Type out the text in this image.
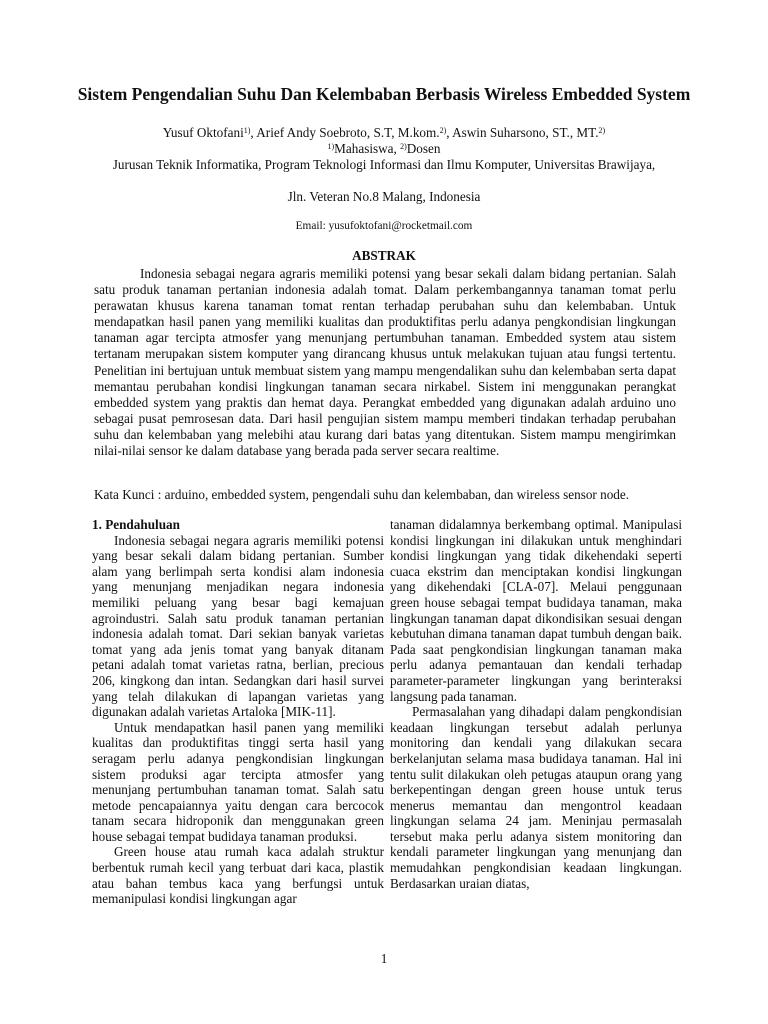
Sistem Pengendalian Suhu Dan Kelembaban Berbasis Wireless Embedded System
Yusuf Oktofani$^{1)}$, Arief Andy Soebroto, S.T, M.kom.$^{2)}$, Aswin Suharsono, ST., MT.$^{2)}$
$^{1)}$Mahasiswa, $^{2)}$Dosen
Jurusan Teknik Informatika, Program Teknologi Informasi dan Ilmu Komputer, Universitas Brawijaya,
Jln. Veteran No.8 Malang, Indonesia
Email: yusufoktofani@rocketmail.com
ABSTRAK
Indonesia sebagai negara agraris memiliki potensi yang besar sekali dalam bidang pertanian. Salah satu produk tanaman pertanian indonesia adalah tomat. Dalam perkembangannya tanaman tomat perlu perawatan khusus karena tanaman tomat rentan terhadap perubahan suhu dan kelembaban. Untuk mendapatkan hasil panen yang memiliki kualitas dan produktifitas perlu adanya pengkondisian lingkungan tanaman agar tercipta atmosfer yang menunjang pertumbuhan tanaman. Embedded system atau sistem tertanam merupakan sistem komputer yang dirancang khusus untuk melakukan tujuan atau fungsi tertentu. Penelitian ini bertujuan untuk membuat sistem yang mampu mengendalikan suhu dan kelembaban serta dapat memantau perubahan kondisi lingkungan tanaman secara nirkabel. Sistem ini menggunakan perangkat embedded system yang praktis dan hemat daya. Perangkat embedded yang digunakan adalah arduino uno sebagai pusat pemrosesan data. Dari hasil pengujian sistem mampu memberi tindakan terhadap perubahan suhu dan kelembaban yang melebihi atau kurang dari batas yang ditentukan. Sistem mampu mengirimkan nilai-nilai sensor ke dalam database yang berada pada server secara realtime.
Kata Kunci : arduino, embedded system, pengendali suhu dan kelembaban, dan wireless sensor node.
1. Pendahuluan

Indonesia sebagai negara agraris memiliki potensi yang besar sekali dalam bidang pertanian. Sumber alam yang berlimpah serta kondisi alam indonesia yang menunjang menjadikan negara indonesia memiliki peluang yang besar bagi kemajuan agroindustri. Salah satu produk tanaman pertanian indonesia adalah tomat. Dari sekian banyak varietas tomat yang ada jenis tomat yang banyak ditanam petani adalah tomat varietas ratna, berlian, precious 206, kingkong dan intan. Sedangkan dari hasil survei yang telah dilakukan di lapangan varietas yang digunakan adalah varietas Artaloka [MIK-11].

Untuk mendapatkan hasil panen yang memiliki kualitas dan produktifitas tinggi serta hasil yang seragam perlu adanya pengkondisian lingkungan sistem produksi agar tercipta atmosfer yang menunjang pertumbuhan tanaman tomat. Salah satu metode pencapaiannya yaitu dengan cara bercocok tanam secara hidroponik dan menggunakan green house sebagai tempat budidaya tanaman produksi.

Green house atau rumah kaca adalah struktur berbentuk rumah kecil yang terbuat dari kaca, plastik atau bahan tembus kaca yang berfungsi untuk memanipulasi kondisi lingkungan agar

tanaman didalamnya berkembang optimal. Manipulasi kondisi lingkungan ini dilakukan untuk menghindari kondisi lingkungan yang tidak dikehendaki seperti cuaca ekstrim dan menciptakan kondisi lingkungan yang dikehendaki [CLA-07]. Melaui penggunaan green house sebagai tempat budidaya tanaman, maka lingkungan tanaman dapat dikondisikan sesuai dengan kebutuhan dimana tanaman dapat tumbuh dengan baik. Pada saat pengkondisian lingkungan tanaman maka perlu adanya pemantauan dan kendali terhadap parameter-parameter lingkungan yang berinteraksi langsung pada tanaman.

Permasalahan yang dihadapi dalam pengkondisian keadaan lingkungan tersebut adalah perlunya monitoring dan kendali yang dilakukan secara berkelanjutan selama masa budidaya tanaman. Hal ini tentu sulit dilakukan oleh petugas ataupun orang yang berkepentingan dengan green house untuk terus menerus memantau dan mengontrol keadaan lingkungan selama 24 jam. Meninjau permasalah tersebut maka perlu adanya sistem monitoring dan kendali parameter lingkungan yang menunjang dan memudahkan pengkondisian keadaan lingkungan. Berdasarkan uraian diatas,

1
